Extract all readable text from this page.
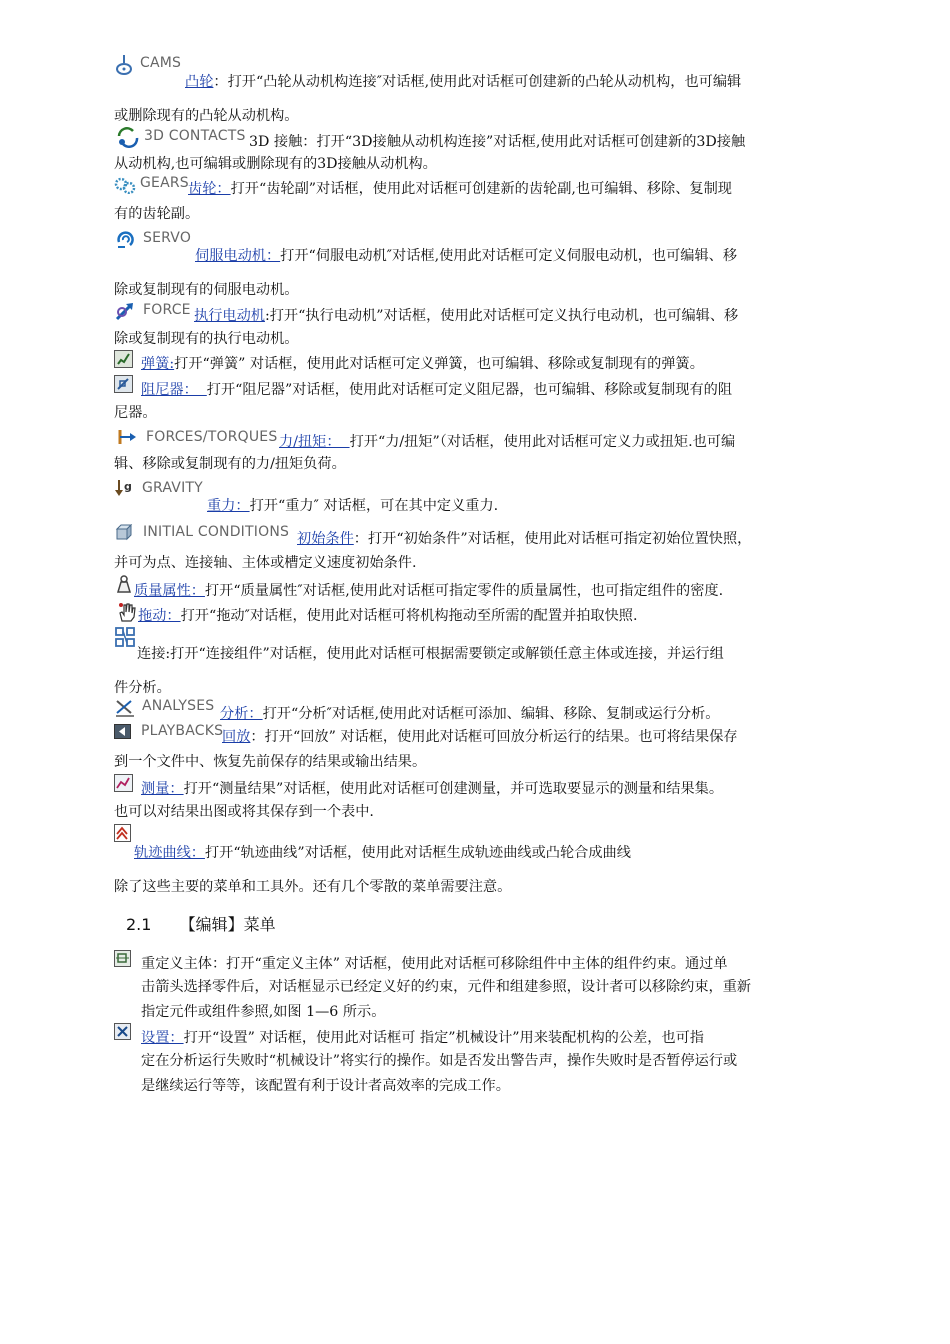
CAMS
凸轮：打开“凸轮从动机构连接″对话框,使用此对话框可创建新的凸轮从动机构，也可编辑
或删除现有的凸轮从动机构。
3D CONTACTS 3D 接触：打开“3D接触从动机构连接”对话框,使用此对话框可创建新的3D接触
从动机构,也可编辑或删除现有的3D接触从动机构。
GEARS 齿轮：打开“齿轮副”对话框，使用此对话框可创建新的齿轮副,也可编辑、移除、复制现
有的齿轮副。
SERVO
伺服电动机：打开“伺服电动机″对话框,使用此对话框可定义伺服电动机，也可编辑、移
除或复制现有的伺服电动机。
FORCE 执行电动机:打开“执行电动机”对话框，使用此对话框可定义执行电动机，也可编辑、移
除或复制现有的执行电动机。
弹簧:打开“弹簧” 对话框，使用此对话框可定义弹簧，也可编辑、移除或复制现有的弹簧。
阻尼器：  打开“阻尼器”对话框，使用此对话框可定义阻尼器，也可编辑、移除或复制现有的阻
尼器。
FORCES/TORQUES 力/扭矩：  打开“力/扭矩”（对话框，使用此对话框可定义力或扭矩.也可编
辑、移除或复制现有的力/扭矩负荷。
g GRAVITY
重力：打开“重力″ 对话框，可在其中定义重力.
INITIAL CONDITIONS 初始条件：打开“初始条件”对话框，使用此对话框可指定初始位置快照，
并可为点、连接轴、主体或槽定义速度初始条件.
质量属性：打开“质量属性″对话框,使用此对话框可指定零件的质量属性，也可指定组件的密度.
拖动：打开“拖动″对话框，使用此对话框可将机构拖动至所需的配置并拍取快照.
连接:打开“连接组件”对话框，使用此对话框可根据需要锁定或解锁任意主体或连接，并运行组
件分析。
ANALYSES 分析：打开“分析″对话框,使用此对话框可添加、编辑、移除、复制或运行分析。
PLAYBACKS
回放：打开“回放” 对话框，使用此对话框可回放分析运行的结果。也可将结果保存
到一个文件中、恢复先前保存的结果或输出结果。
测量：打开“测量结果”对话框，使用此对话框可创建测量，并可选取要显示的测量和结果集。
也可以对结果出图或将其保存到一个表中.
轨迹曲线：打开“轨迹曲线”对话框，使用此对话框生成轨迹曲线或凸轮合成曲线
除了这些主要的菜单和工具外。还有几个零散的菜单需要注意。
2.1 【编辑】菜单
重定义主体：打开“重定义主体” 对话框，使用此对话框可移除组件中主体的组件约束。通过单
击箭头选择零件后，对话框显示已经定义好的约束，元件和组建参照，设计者可以移除约束，重新
指定元件或组件参照,如图 1—6 所示。
设置：打开“设置” 对话框，使用此对话框可 指定”机械设计”用来装配机构的公差，也可指
定在分析运行失败时“机械设计”将实行的操作。如是否发出警告声，操作失败时是否暂停运行或
是继续运行等等，该配置有利于设计者高效率的完成工作。
